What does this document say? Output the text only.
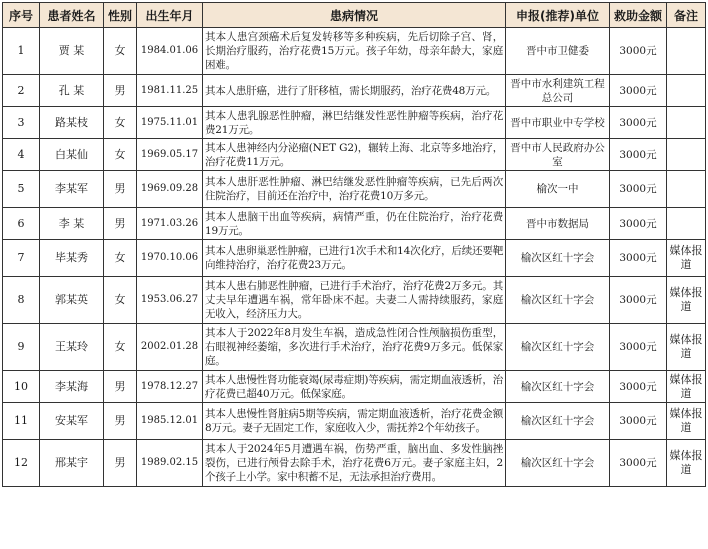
序号	患者姓名	性别	出生年月	患病情况	申报(推荐)单位	救助金额	备注
1	贾 某	女	1984.01.06	其本人患宫颈癌术后复发转移等多种疾病，先后切除子宫、肾，长期治疗服药，治疗花费15万元。孩子年幼，母亲年龄大，家庭困难。	晋中市卫健委	3000元	
2	孔 某	男	1981.11.25	其本人患肝癌，进行了肝移植，需长期服药，治疗花费48万元。	晋中市水利建筑工程总公司	3000元	
3	路某枝	女	1975.11.01	其本人患乳腺恶性肿瘤，淋巴结继发性恶性肿瘤等疾病，治疗花费21万元。	晋中市职业中专学校	3000元	
4	白某仙	女	1969.05.17	其本人患神经内分泌瘤(NET G2)，辗转上海、北京等多地治疗，治疗花费11万元。	晋中市人民政府办公室	3000元	
5	李某军	男	1969.09.28	其本人患肝恶性肿瘤、淋巴结继发恶性肿瘤等疾病，已先后两次住院治疗，目前还在治疗中，治疗花费10万多元。	榆次一中	3000元	
6	李 某	男	1971.03.26	其本人患脑干出血等疾病，病情严重，仍在住院治疗，治疗花费19万元。	晋中市数据局	3000元	
7	毕某秀	女	1970.10.06	其本人患卵巢恶性肿瘤，已进行1次手术和14次化疗，后续还要靶向维持治疗，治疗花费23万元。	榆次区红十字会	3000元	媒体报道
8	郭某英	女	1953.06.27	其本人患右肺恶性肿瘤，已进行手术治疗，治疗花费2万多元。其丈夫早年遭遇车祸，常年卧床不起。夫妻二人需持续服药，家庭无收入，经济压力大。	榆次区红十字会	3000元	媒体报道
9	王某玲	女	2002.01.28	其本人于2022年8月发生车祸，造成急性闭合性颅脑损伤重型，右眼视神经萎缩，多次进行手术治疗，治疗花费9万多元。低保家庭。	榆次区红十字会	3000元	媒体报道
10	李某海	男	1978.12.27	其本人患慢性肾功能衰竭(尿毒症期)等疾病，需定期血液透析，治疗花费已超40万元。低保家庭。	榆次区红十字会	3000元	媒体报道
11	安某军	男	1985.12.01	其本人患慢性肾脏病5期等疾病，需定期血液透析，治疗花费金额8万元。妻子无固定工作，家庭收入少，需抚养2个年幼孩子。	榆次区红十字会	3000元	媒体报道
12	邢某宇	男	1989.02.15	其本人于2024年5月遭遇车祸，伤势严重，脑出血、多发性脑挫裂伤，已进行颅骨去除手术，治疗花费6万元。妻子家庭主妇，2个孩子上小学。家中积蓄不足，无法承担治疗费用。	榆次区红十字会	3000元	媒体报道
